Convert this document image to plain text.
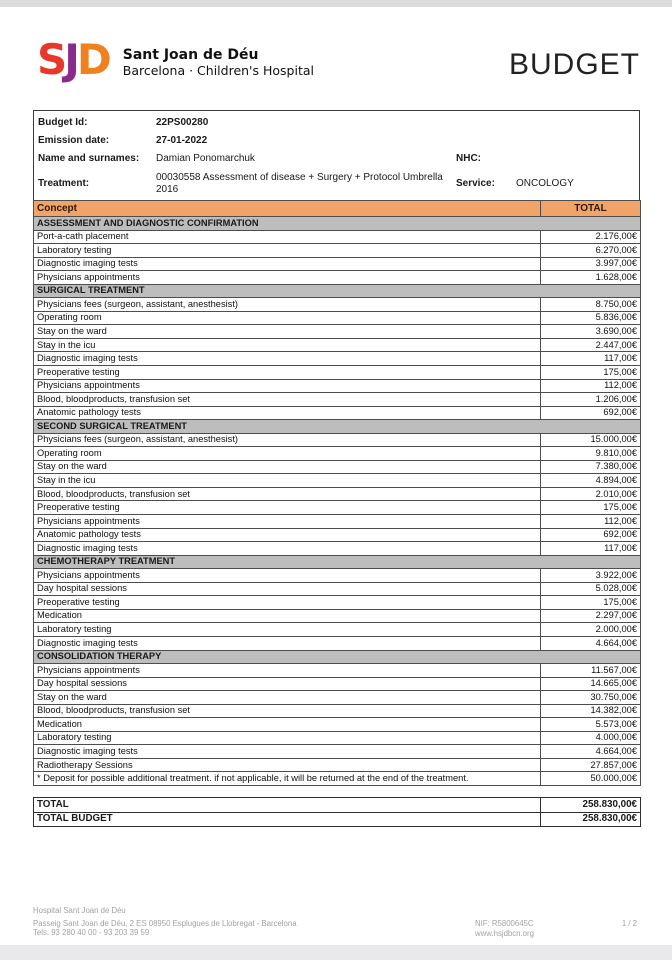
SJD Sant Joan de Déu
Barcelona · Children's Hospital	BUDGET
Budget Id:	22PS00280
Emission date:	27-01-2022
Name and surnames:	Damian Ponomarchuk	NHC:
Treatment:
00030558 Assessment of disease + Surgery + Protocol Umbrella 2016	Service: ONCOLOGY
Concept	TOTAL
ASSESSMENT AND DIAGNOSTIC CONFIRMATION	
Port-a-cath placement	2.176,00€
Laboratory testing	6.270,00€
Diagnostic imaging tests	3.997,00€
Physicians appointments	1.628,00€
SURGICAL TREATMENT	
Physicians fees (surgeon, assistant, anesthesist)	8.750,00€
Operating room	5.836,00€
Stay on the ward	3.690,00€
Stay in the icu	2.447,00€
Diagnostic imaging tests	117,00€
Preoperative testing	175,00€
Physicians appointments	112,00€
Blood, bloodproducts, transfusion set	1.206,00€
Anatomic pathology tests	692,00€
SECOND SURGICAL TREATMENT	
Physicians fees (surgeon, assistant, anesthesist)	15.000,00€
Operating room	9.810,00€
Stay on the ward	7.380,00€
Stay in the icu	4.894,00€
Blood, bloodproducts, transfusion set	2.010,00€
Preoperative testing	175,00€
Physicians appointments	112,00€
Anatomic pathology tests	692,00€
Diagnostic imaging tests	117,00€
CHEMOTHERAPY TREATMENT	
Physicians appointments	3.922,00€
Day hospital sessions	5.028,00€
Preoperative testing	175,00€
Medication	2.297,00€
Laboratory testing	2.000,00€
Diagnostic imaging tests	4.664,00€
CONSOLIDATION THERAPY	
Physicians appointments	11.567,00€
Day hospital sessions	14.665,00€
Stay on the ward	30.750,00€
Blood, bloodproducts, transfusion set	14.382,00€
Medication	5.573,00€
Laboratory testing	4.000,00€
Diagnostic imaging tests	4.664,00€
Radiotherapy Sessions	27.857,00€
* Deposit for possible additional treatment. if not applicable, it will be returned at the end of the treatment.	50.000,00€
TOTAL	258.830,00€
TOTAL BUDGET	258.830,00€
Hospital Sant Joan de Déu
Passeig Sant Joan de Déu, 2 ES 08950 Esplugues de Llobregat - Barcelona
Tels. 93 280 40 00 - 93 203 39 59
NIF: R5800645C
www.hsjdbcn.org
1 / 2
